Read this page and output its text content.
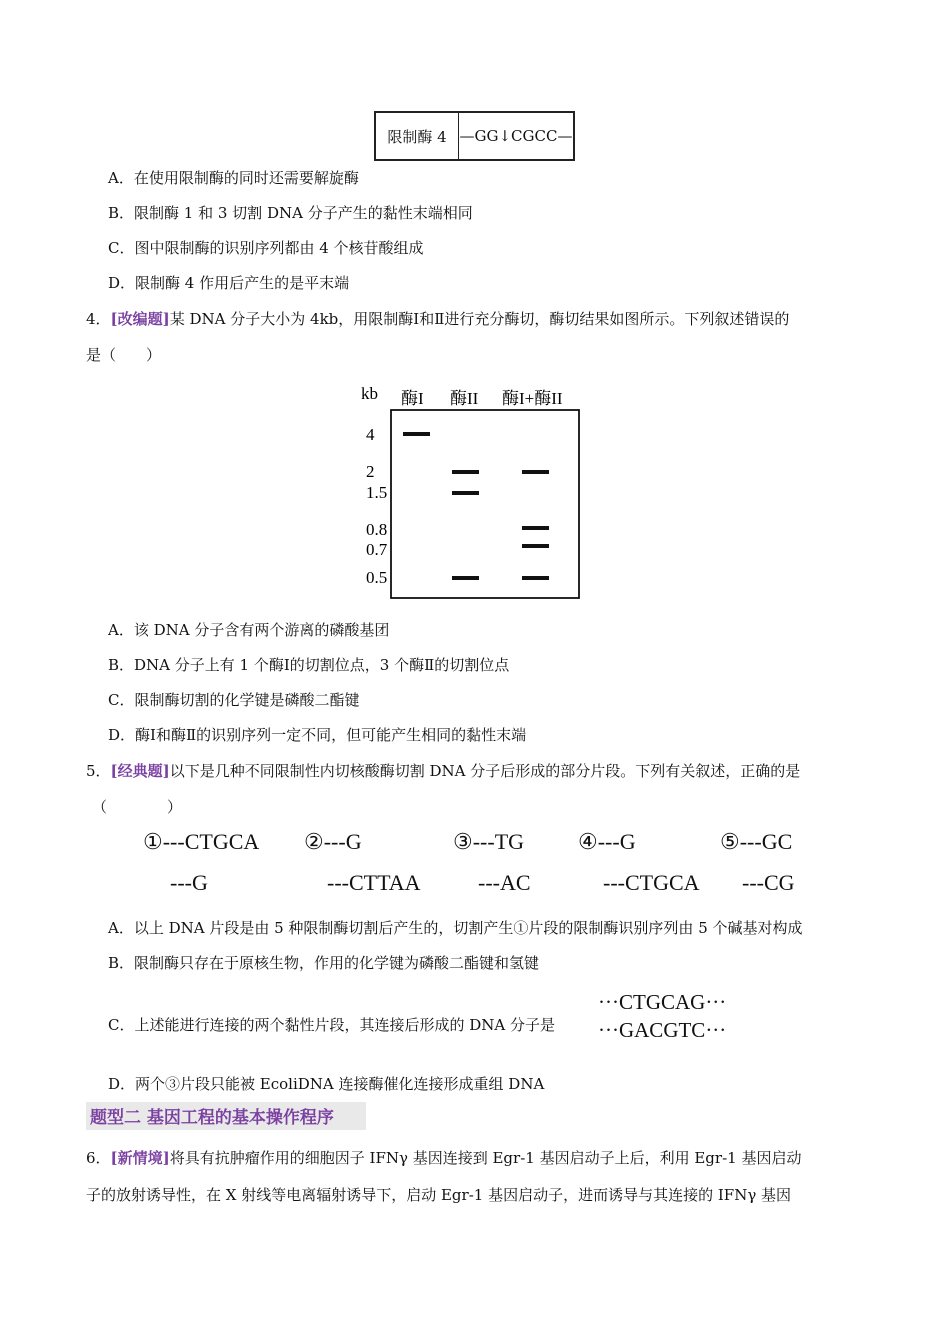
限制酶 4 —GG↓CGCC—
A．在使用限制酶的同时还需要解旋酶
B．限制酶 1 和 3 切割 DNA 分子产生的黏性末端相同
C．图中限制酶的识别序列都由 4 个核苷酸组成
D．限制酶 4 作用后产生的是平末端
4．[改编题]某 DNA 分子大小为 4kb，用限制酶Ⅰ和Ⅱ进行充分酶切，酶切结果如图所示。下列叙述错误的
是（　　）
kb 酶I 酶II 酶I+酶II
4
2
1.5
0.8
0.7
0.5
A．该 DNA 分子含有两个游离的磷酸基团
B．DNA 分子上有 1 个酶Ⅰ的切割位点，3 个酶Ⅱ的切割位点
C．限制酶切割的化学键是磷酸二酯键
D．酶Ⅰ和酶Ⅱ的识别序列一定不同，但可能产生相同的黏性末端
5．[经典题]以下是几种不同限制性内切核酸酶切割 DNA 分子后形成的部分片段。下列有关叙述，正确的是
（　　　　）
①---CTGCA
---G
②---G
---CTTAA
③---TG
---AC
④---G
---CTGCA
⑤---GC
---CG
A．以上 DNA 片段是由 5 种限制酶切割后产生的，切割产生①片段的限制酶识别序列由 5 个碱基对构成
B．限制酶只存在于原核生物，作用的化学键为磷酸二酯键和氢键
C．上述能进行连接的两个黏性片段，其连接后形成的 DNA 分子是
···CTGCAG···
···GACGTC···
D．两个③片段只能被 EcoliDNA 连接酶催化连接形成重组 DNA
题型二 基因工程的基本操作程序
6．[新情境]将具有抗肿瘤作用的细胞因子 IFNγ 基因连接到 Egr-1 基因启动子上后，利用 Egr-1 基因启动
子的放射诱导性，在 X 射线等电离辐射诱导下，启动 Egr-1 基因启动子，进而诱导与其连接的 IFNγ 基因
